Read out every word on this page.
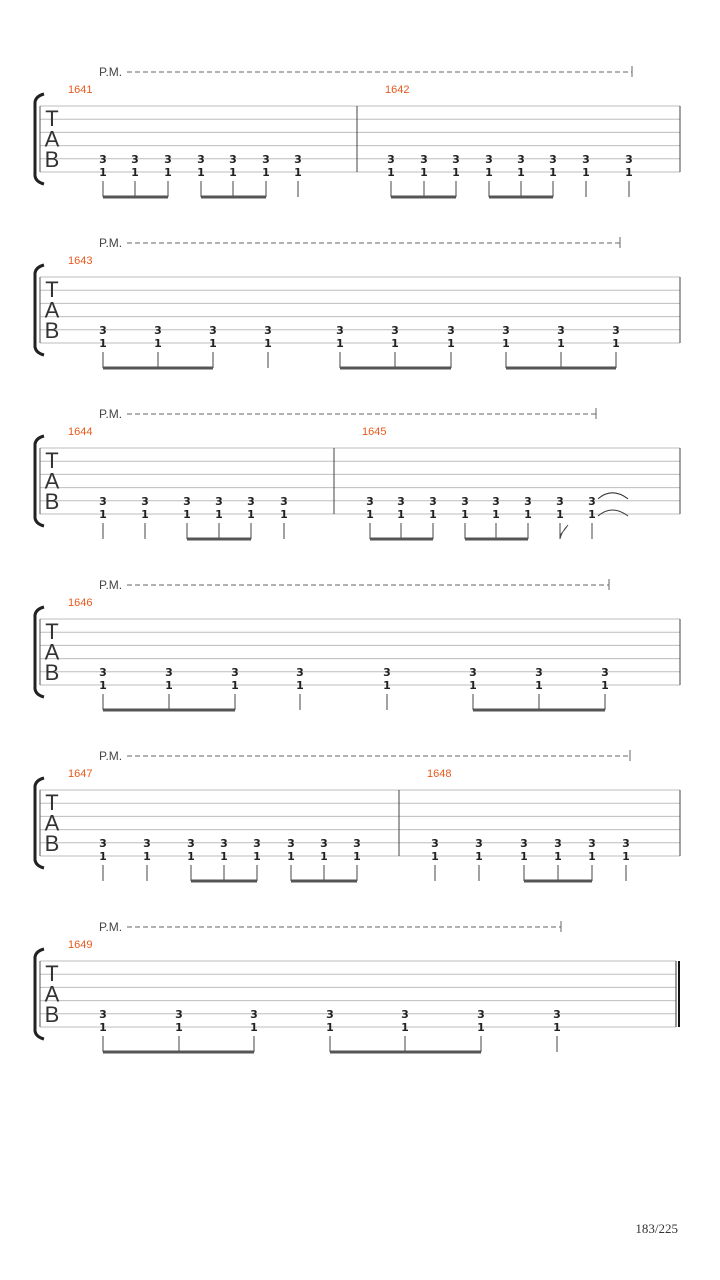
P.M.
T
A
B
1641
3
1
3
1
3
1
3
1
3
1
3
1
3
1
1642
3
1
3
1
3
1
3
1
3
1
3
1
3
1
3
1
P.M.
T
A
B
1643
3
1
3
1
3
1
3
1
3
1
3
1
3
1
3
1
3
1
3
1
P.M.
T
A
B
1644
3
1
3
1
3
1
3
1
3
1
3
1
1645
3
1
3
1
3
1
3
1
3
1
3
1
3
1
3
1
P.M.
T
A
B
1646
3
1
3
1
3
1
3
1
3
1
3
1
3
1
3
1
P.M.
T
A
B
1647
3
1
3
1
3
1
3
1
3
1
3
1
3
1
3
1
1648
3
1
3
1
3
1
3
1
3
1
3
1
P.M.
T
A
B
1649
3
1
3
1
3
1
3
1
3
1
3
1
3
1
183/225
